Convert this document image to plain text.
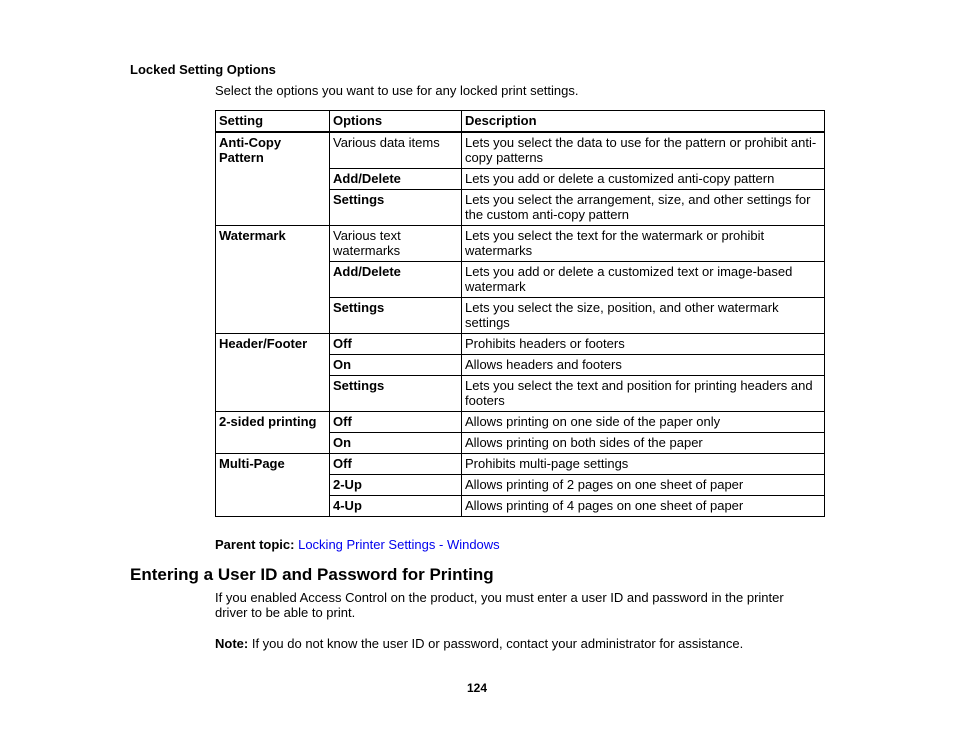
Locked Setting Options
Select the options you want to use for any locked print settings.
Setting	Options	Description
Anti-Copy Pattern	Various data items	Lets you select the data to use for the pattern or prohibit anti-copy patterns
	Add/Delete	Lets you add or delete a customized anti-copy pattern
	Settings	Lets you select the arrangement, size, and other settings for the custom anti-copy pattern
Watermark	Various text watermarks	Lets you select the text for the watermark or prohibit watermarks
	Add/Delete	Lets you add or delete a customized text or image-based watermark
	Settings	Lets you select the size, position, and other watermark settings
Header/Footer	Off	Prohibits headers or footers
	On	Allows headers and footers
	Settings	Lets you select the text and position for printing headers and footers
2-sided printing	Off	Allows printing on one side of the paper only
	On	Allows printing on both sides of the paper
Multi-Page	Off	Prohibits multi-page settings
	2-Up	Allows printing of 2 pages on one sheet of paper
	4-Up	Allows printing of 4 pages on one sheet of paper
Parent topic: Locking Printer Settings - Windows
Entering a User ID and Password for Printing
If you enabled Access Control on the product, you must enter a user ID and password in the printer driver to be able to print.
Note: If you do not know the user ID or password, contact your administrator for assistance.
124
